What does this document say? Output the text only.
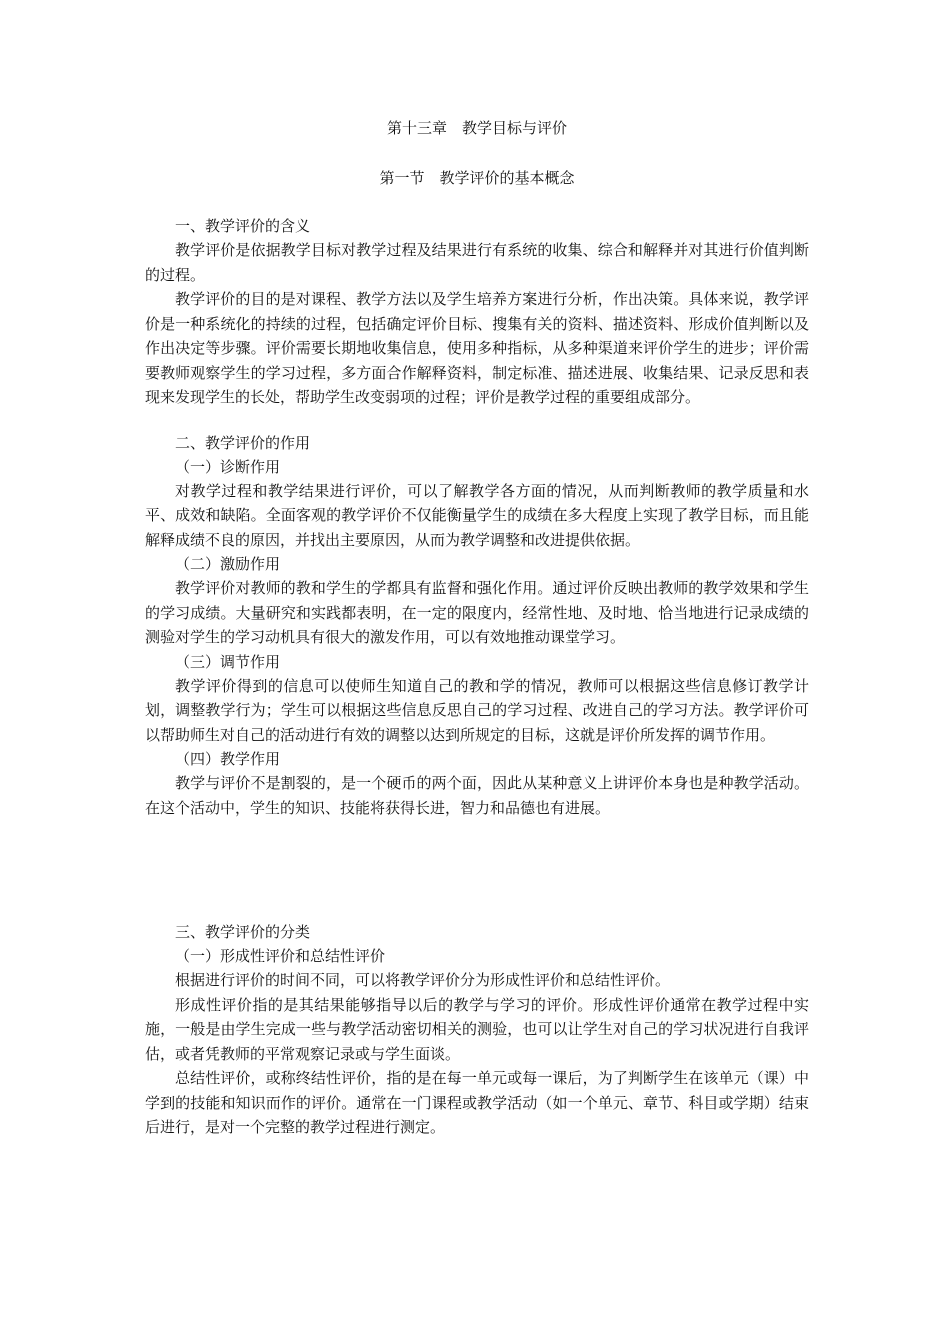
第十三章　教学目标与评价
第一节　教学评价的基本概念
一、教学评价的含义

教学评价是依据教学目标对教学过程及结果进行有系统的收集、综合和解释并对其进行价值判断的过程。

教学评价的目的是对课程、教学方法以及学生培养方案进行分析，作出决策。具体来说，教学评价是一种系统化的持续的过程，包括确定评价目标、搜集有关的资料、描述资料、形成价值判断以及作出决定等步骤。评价需要长期地收集信息，使用多种指标，从多种渠道来评价学生的进步；评价需要教师观察学生的学习过程，多方面合作解释资料，制定标准、描述进展、收集结果、记录反思和表现来发现学生的长处，帮助学生改变弱项的过程；评价是教学过程的重要组成部分。

二、教学评价的作用
（一）诊断作用

对教学过程和教学结果进行评价，可以了解教学各方面的情况，从而判断教师的教学质量和水平、成效和缺陷。全面客观的教学评价不仅能衡量学生的成绩在多大程度上实现了教学目标，而且能解释成绩不良的原因，并找出主要原因，从而为教学调整和改进提供依据。

（二）激励作用

教学评价对教师的教和学生的学都具有监督和强化作用。通过评价反映出教师的教学效果和学生的学习成绩。大量研究和实践都表明，在一定的限度内，经常性地、及时地、恰当地进行记录成绩的测验对学生的学习动机具有很大的激发作用，可以有效地推动课堂学习。

（三）调节作用

教学评价得到的信息可以使师生知道自己的教和学的情况，教师可以根据这些信息修订教学计划，调整教学行为；学生可以根据这些信息反思自己的学习过程、改进自己的学习方法。教学评价可以帮助师生对自己的活动进行有效的调整以达到所规定的目标，这就是评价所发挥的调节作用。

（四）教学作用

教学与评价不是割裂的，是一个硬币的两个面，因此从某种意义上讲评价本身也是种教学活动。在这个活动中，学生的知识、技能将获得长进，智力和品德也有进展。

三、教学评价的分类
（一）形成性评价和总结性评价

根据进行评价的时间不同，可以将教学评价分为形成性评价和总结性评价。

形成性评价指的是其结果能够指导以后的教学与学习的评价。形成性评价通常在教学过程中实施，一般是由学生完成一些与教学活动密切相关的测验，也可以让学生对自己的学习状况进行自我评估，或者凭教师的平常观察记录或与学生面谈。

总结性评价，或称终结性评价，指的是在每一单元或每一课后，为了判断学生在该单元（课）中学到的技能和知识而作的评价。通常在一门课程或教学活动（如一个单元、章节、科目或学期）结束后进行，是对一个完整的教学过程进行测定。
